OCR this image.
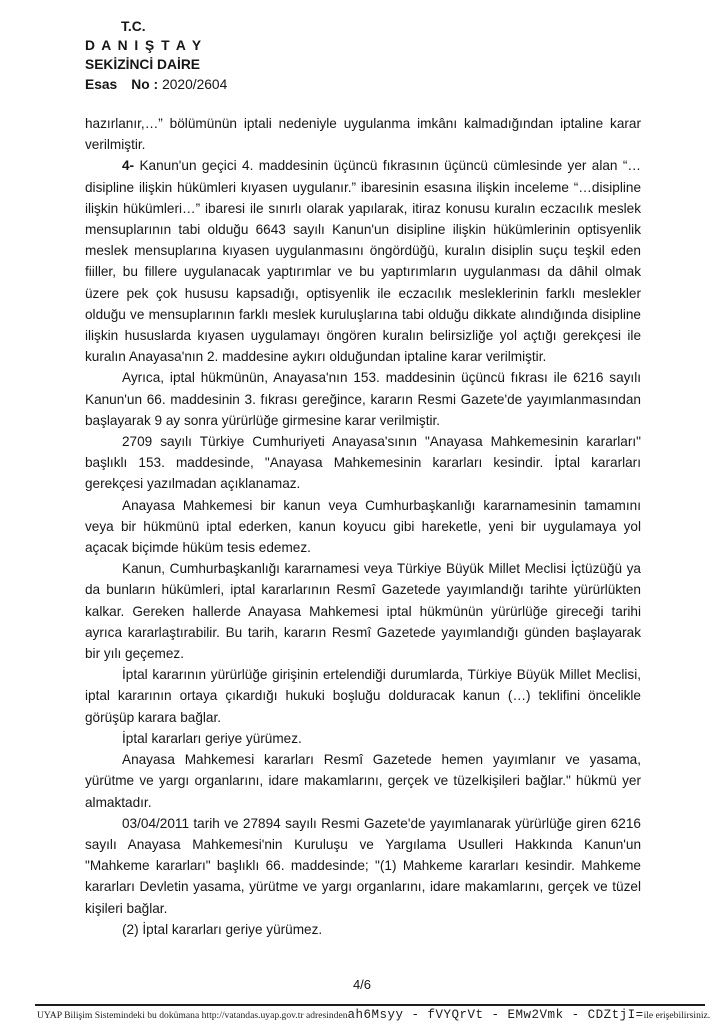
T.C.
D A N I Ş T A Y
SEKİZİNCİ DAİRE
Esas No : 2020/2604

hazırlanır,…” bölümünün iptali nedeniyle uygulanma imkânı kalmadığından iptaline karar verilmiştir.

4- Kanun'un geçici 4. maddesinin üçüncü fıkrasının üçüncü cümlesinde yer alan “…disipline ilişkin hükümleri kıyasen uygulanır.” ibaresinin esasına ilişkin inceleme “…disipline ilişkin hükümleri…” ibaresi ile sınırlı olarak yapılarak, itiraz konusu kuralın eczacılık meslek mensuplarının tabi olduğu 6643 sayılı Kanun'un disipline ilişkin hükümlerinin optisyenlik meslek mensuplarına kıyasen uygulanmasını öngördüğü, kuralın disiplin suçu teşkil eden fiiller, bu fillere uygulanacak yaptırımlar ve bu yaptırımların uygulanması da dâhil olmak üzere pek çok hususu kapsadığı, optisyenlik ile eczacılık mesleklerinin farklı meslekler olduğu ve mensuplarının farklı meslek kuruluşlarına tabi olduğu dikkate alındığında disipline ilişkin hususlarda kıyasen uygulamayı öngören kuralın belirsizliğe yol açtığı gerekçesi ile kuralın Anayasa'nın 2. maddesine aykırı olduğundan iptaline karar verilmiştir.

Ayrıca, iptal hükmünün, Anayasa'nın 153. maddesinin üçüncü fıkrası ile 6216 sayılı Kanun'un 66. maddesinin 3. fıkrası gereğince, kararın Resmi Gazete'de yayımlanmasından başlayarak 9 ay sonra yürürlüğe girmesine karar verilmiştir.

2709 sayılı Türkiye Cumhuriyeti Anayasa'sının "Anayasa Mahkemesinin kararları" başlıklı 153. maddesinde, "Anayasa Mahkemesinin kararları kesindir. İptal kararları gerekçesi yazılmadan açıklanamaz.

Anayasa Mahkemesi bir kanun veya Cumhurbaşkanlığı kararnamesinin tamamını veya bir hükmünü iptal ederken, kanun koyucu gibi hareketle, yeni bir uygulamaya yol açacak biçimde hüküm tesis edemez.

Kanun, Cumhurbaşkanlığı kararnamesi veya Türkiye Büyük Millet Meclisi İçtüzüğü ya da bunların hükümleri, iptal kararlarının Resmî Gazetede yayımlandığı tarihte yürürlükten kalkar. Gereken hallerde Anayasa Mahkemesi iptal hükmünün yürürlüğe gireceği tarihi ayrıca kararlaştırabilir. Bu tarih, kararın Resmî Gazetede yayımlandığı günden başlayarak bir yılı geçemez.

İptal kararının yürürlüğe girişinin ertelendiği durumlarda, Türkiye Büyük Millet Meclisi, iptal kararının ortaya çıkardığı hukuki boşluğu dolduracak kanun (…) teklifini öncelikle görüşüp karara bağlar.

İptal kararları geriye yürümez.

Anayasa Mahkemesi kararları Resmî Gazetede hemen yayımlanır ve yasama, yürütme ve yargı organlarını, idare makamlarını, gerçek ve tüzelkişileri bağlar." hükmü yer almaktadır.

03/04/2011 tarih ve 27894 sayılı Resmi Gazete'de yayımlanarak yürürlüğe giren 6216 sayılı Anayasa Mahkemesi'nin Kuruluşu ve Yargılama Usulleri Hakkında Kanun'un "Mahkeme kararları" başlıklı 66. maddesinde; "(1) Mahkeme kararları kesindir. Mahkeme kararları Devletin yasama, yürütme ve yargı organlarını, idare makamlarını, gerçek ve tüzel kişileri bağlar.

(2) İptal kararları geriye yürümez.

4/6
UYAP Bilişim Sistemindeki bu dokümana http://vatandas.uyap.gov.tr adresinden ah6Msyy - fVYQrVt - EMw2Vmk - CDZtjI= ile erişebilirsiniz.
